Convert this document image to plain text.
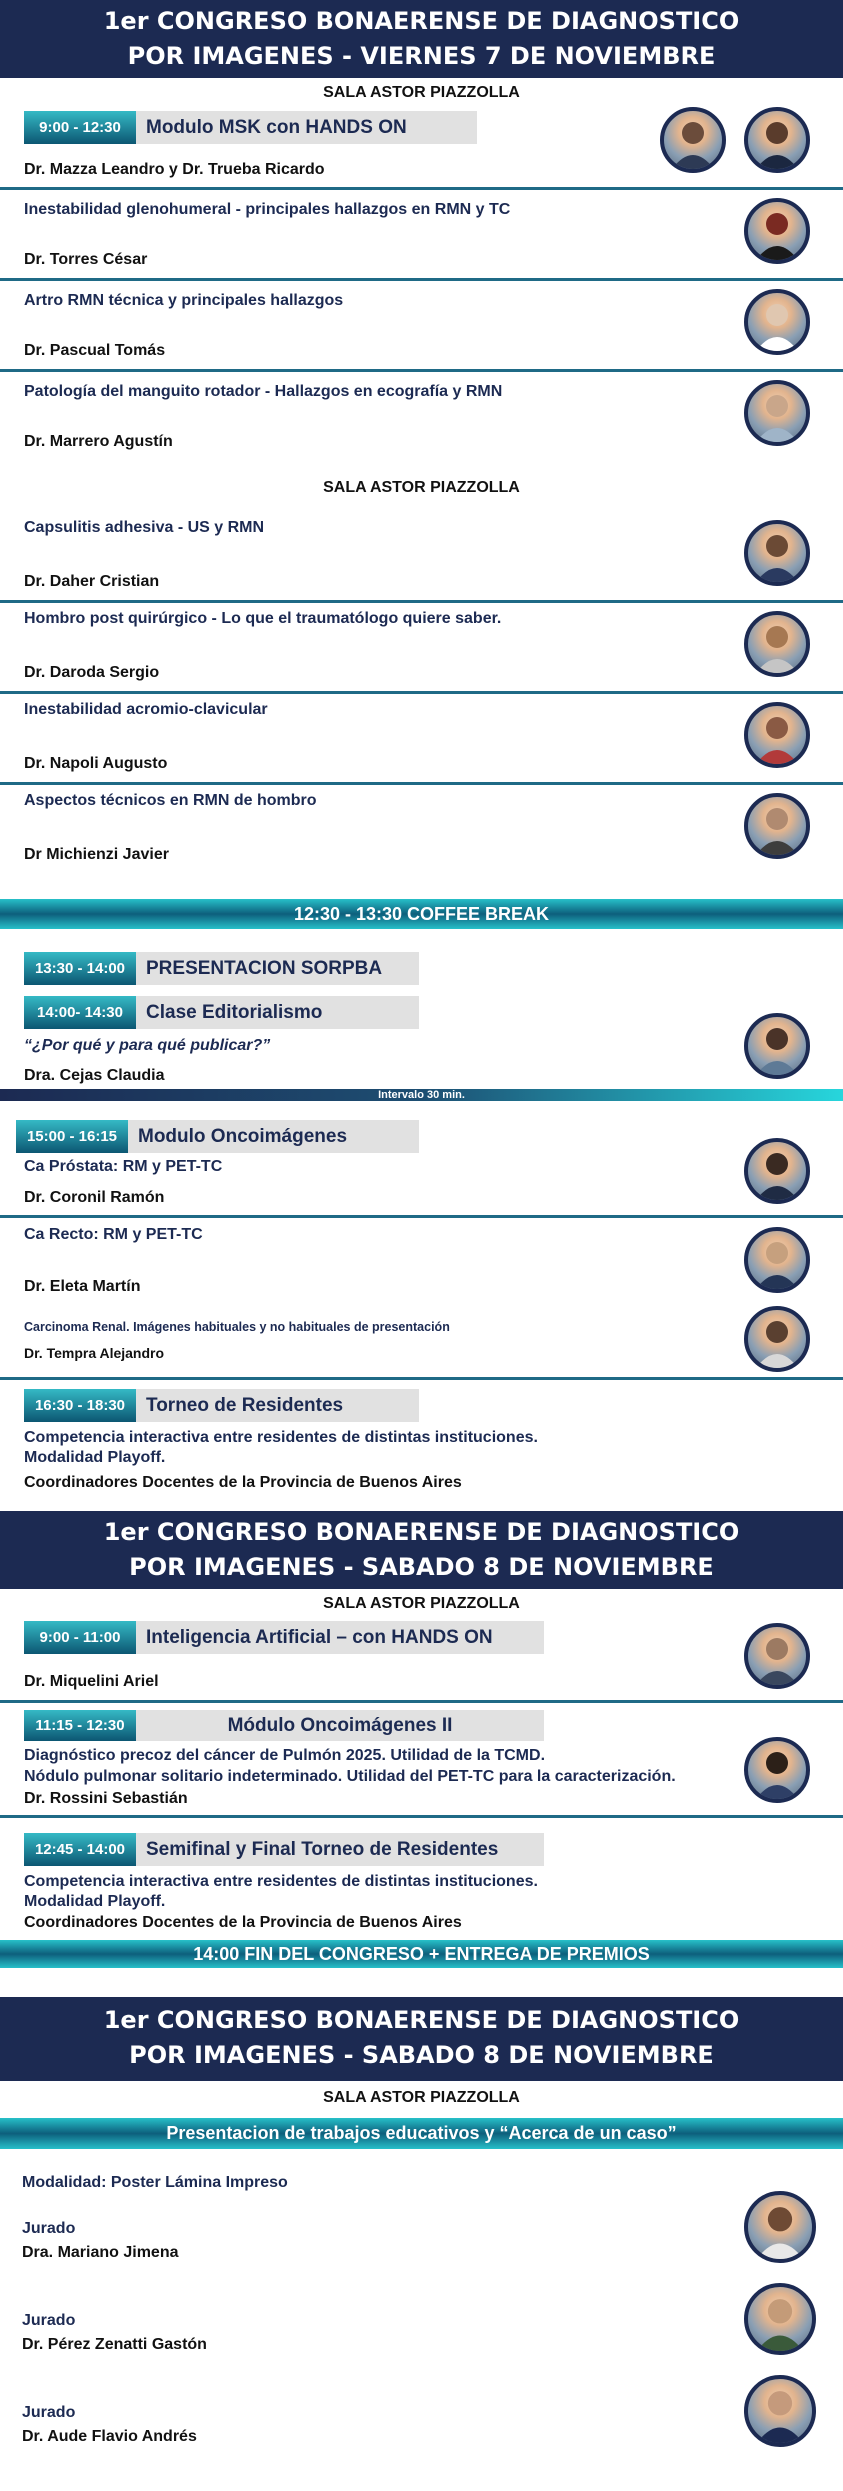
1er CONGRESO BONAERENSE DE DIAGNOSTICO
POR IMAGENES - VIERNES 7 DE NOVIEMBRE
SALA ASTOR PIAZZOLLA
9:00 - 12:30	Modulo MSK con HANDS ON
Dr. Mazza Leandro y Dr. Trueba Ricardo
Inestabilidad glenohumeral - principales hallazgos en RMN y TC
Dr. Torres César
Artro RMN técnica y principales hallazgos
Dr. Pascual Tomás
Patología del manguito rotador - Hallazgos en ecografía y RMN
Dr. Marrero Agustín
SALA ASTOR PIAZZOLLA
Capsulitis adhesiva - US y RMN
Dr. Daher Cristian
Hombro post quirúrgico - Lo que el traumatólogo quiere saber.
Dr. Daroda Sergio
Inestabilidad acromio-clavicular
Dr. Napoli Augusto
Aspectos técnicos en RMN de hombro
Dr Michienzi Javier
12:30 - 13:30 COFFEE BREAK
13:30 - 14:00	PRESENTACION SORPBA
14:00- 14:30	Clase Editorialismo
“¿Por qué y para qué publicar?”
Dra. Cejas Claudia
Intervalo 30 min.
15:00 - 16:15	Modulo Oncoimágenes
Ca Próstata: RM y PET-TC
Dr. Coronil Ramón
Ca Recto: RM y PET-TC
Dr. Eleta Martín
Carcinoma Renal. Imágenes habituales y no habituales de presentación
Dr. Tempra Alejandro
16:30 - 18:30	Torneo de Residentes
Competencia interactiva entre residentes de distintas instituciones.
Modalidad Playoff.
Coordinadores Docentes de la Provincia de Buenos Aires
1er CONGRESO BONAERENSE DE DIAGNOSTICO
POR IMAGENES - SABADO 8 DE NOVIEMBRE
SALA ASTOR PIAZZOLLA
9:00 - 11:00	Inteligencia Artificial – con HANDS ON
Dr. Miquelini Ariel
11:15 - 12:30	Módulo Oncoimágenes II
Diagnóstico precoz del cáncer de Pulmón 2025. Utilidad de la TCMD.
Nódulo pulmonar solitario indeterminado. Utilidad del PET-TC para la caracterización.
Dr. Rossini Sebastián
12:45 - 14:00	Semifinal y Final Torneo de Residentes
Competencia interactiva entre residentes de distintas instituciones.
Modalidad Playoff.
Coordinadores Docentes de la Provincia de Buenos Aires
14:00 FIN DEL CONGRESO + ENTREGA DE PREMIOS
1er CONGRESO BONAERENSE DE DIAGNOSTICO
POR IMAGENES - SABADO 8 DE NOVIEMBRE
SALA ASTOR PIAZZOLLA
Presentacion de trabajos educativos y “Acerca de un caso”
Modalidad: Poster Lámina Impreso
Jurado
Dra. Mariano Jimena
Jurado
Dr. Pérez Zenatti Gastón
Jurado
Dr. Aude Flavio Andrés
